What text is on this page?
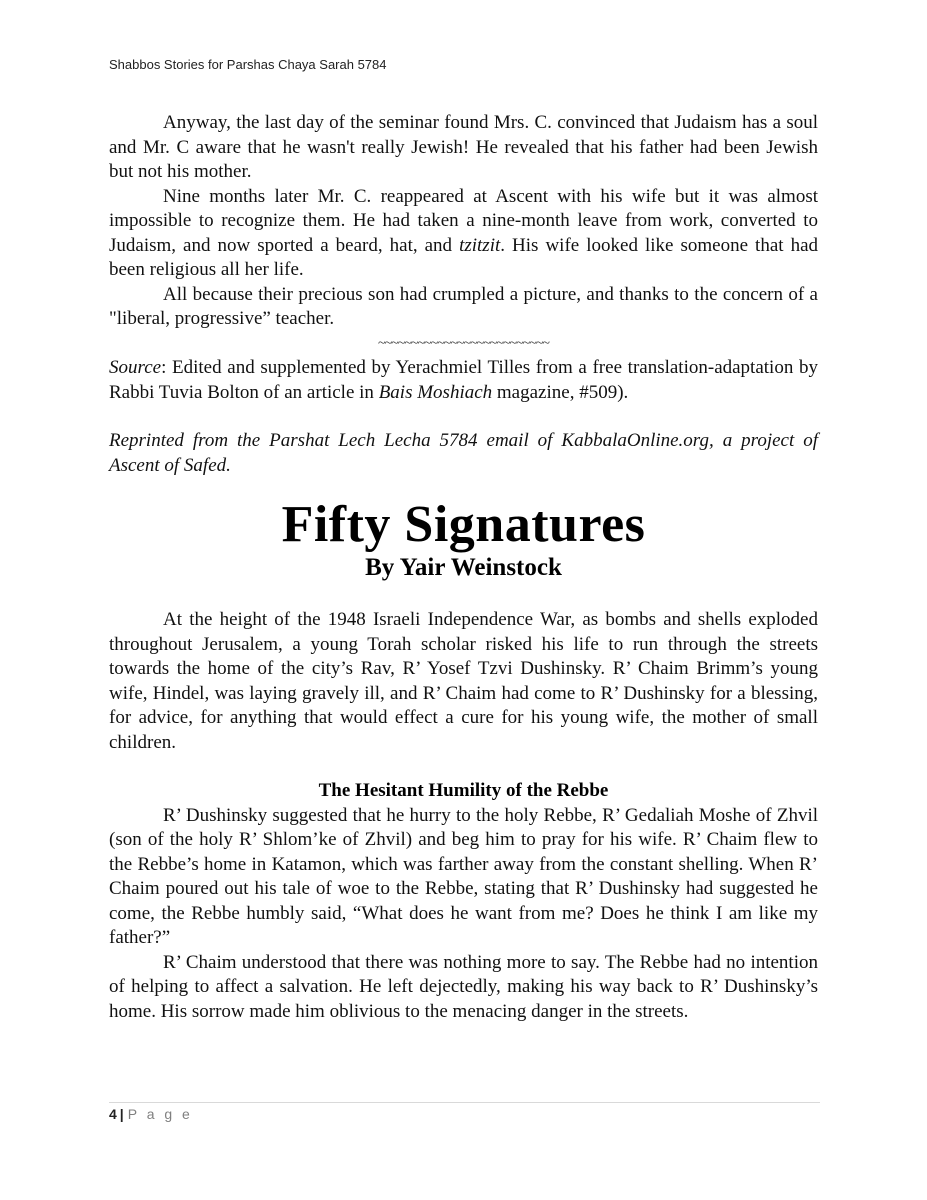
Shabbos Stories for Parshas Chaya Sarah 5784

Anyway, the last day of the seminar found Mrs. C. convinced that Judaism has a soul and Mr. C aware that he wasn't really Jewish! He revealed that his father had been Jewish but not his mother.

Nine months later Mr. C. reappeared at Ascent with his wife but it was almost impossible to recognize them. He had taken a nine-month leave from work, converted to Judaism, and now sported a beard, hat, and tzitzit. His wife looked like someone that had been religious all her life.

All because their precious son had crumpled a picture, and thanks to the concern of a "liberal, progressive” teacher.

~~~~~~~~~~~~~~~~~~~~~~~~~~

Source: Edited and supplemented by Yerachmiel Tilles from a free translation-adaptation by Rabbi Tuvia Bolton of an article in Bais Moshiach magazine, #509).

Reprinted from the Parshat Lech Lecha 5784 email of KabbalaOnline.org, a project of Ascent of Safed.

Fifty Signatures
By Yair Weinstock

At the height of the 1948 Israeli Independence War, as bombs and shells exploded throughout Jerusalem, a young Torah scholar risked his life to run through the streets towards the home of the city’s Rav, R’ Yosef Tzvi Dushinsky. R’ Chaim Brimm’s young wife, Hindel, was laying gravely ill, and R’ Chaim had come to R’ Dushinsky for a blessing, for advice, for anything that would effect a cure for his young wife, the mother of small children.

The Hesitant Humility of the Rebbe

R’ Dushinsky suggested that he hurry to the holy Rebbe, R’ Gedaliah Moshe of Zhvil (son of the holy R’ Shlom’ke of Zhvil) and beg him to pray for his wife. R’ Chaim flew to the Rebbe’s home in Katamon, which was farther away from the constant shelling. When R’ Chaim poured out his tale of woe to the Rebbe, stating that R’ Dushinsky had suggested he come, the Rebbe humbly said, “What does he want from me? Does he think I am like my father?”

R’ Chaim understood that there was nothing more to say. The Rebbe had no intention of helping to affect a salvation. He left dejectedly, making his way back to R’ Dushinsky’s home. His sorrow made him oblivious to the menacing danger in the streets.

4 | P a g e
